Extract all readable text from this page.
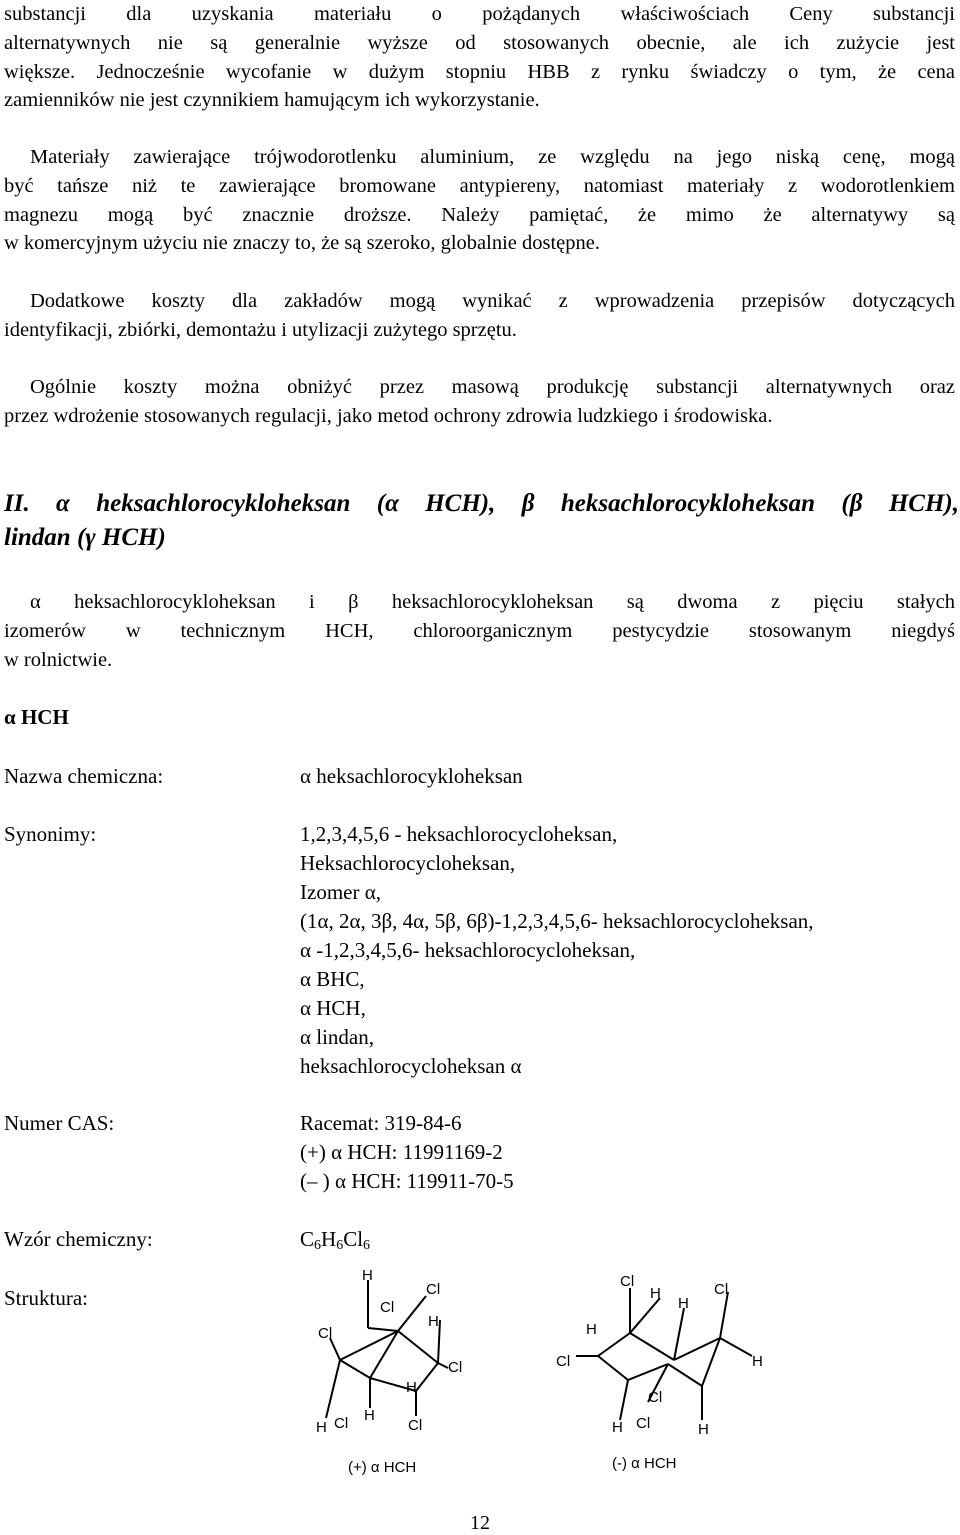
substancji dla uzyskania materiału o pożądanych właściwościach Ceny substancji
alternatywnych nie są generalnie wyższe od stosowanych obecnie, ale ich zużycie jest
większe. Jednocześnie wycofanie w dużym stopniu HBB z rynku świadczy o tym, że cena
zamienników nie jest czynnikiem hamującym ich wykorzystanie.

Materiały zawierające trójwodorotlenku aluminium, ze względu na jego niską cenę, mogą
być tańsze niż te zawierające bromowane antypiereny, natomiast materiały z wodorotlenkiem
magnezu mogą być znacznie droższe. Należy pamiętać, że mimo że alternatywy są
w komercyjnym użyciu nie znaczy to, że są szeroko, globalnie dostępne.

Dodatkowe koszty dla zakładów mogą wynikać z wprowadzenia przepisów dotyczących
identyfikacji, zbiórki, demontażu i utylizacji zużytego sprzętu.

Ogólnie koszty można obniżyć przez masową produkcję substancji alternatywnych oraz
przez wdrożenie stosowanych regulacji, jako metod ochrony zdrowia ludzkiego i środowiska.

II. α heksachlorocykloheksan (α HCH), β heksachlorocykloheksan (β HCH),
lindan (γ HCH)

α heksachlorocykloheksan i β heksachlorocykloheksan są dwoma z pięciu stałych
izomerów w technicznym HCH, chloroorganicznym pestycydzie stosowanym niegdyś
w rolnictwie.

α HCH

Nazwa chemiczna:	α heksachlorocykloheksan
Synonimy:	1,2,3,4,5,6 - heksachlorocycloheksan,
Heksachlorocycloheksan,
Izomer α,
(1α, 2α, 3β, 4α, 5β, 6β)-1,2,3,4,5,6- heksachlorocycloheksan,
α -1,2,3,4,5,6- heksachlorocycloheksan,
α BHC,
α HCH,
α lindan,
heksachlorocycloheksan α
Numer CAS:	Racemat: 319-84-6
(+) α HCH: 11991169-2
(– ) α HCH: 119911-70-5
Wzór chemiczny:	$C_6H_6Cl_6$
Struktura:
H
Cl
Cl
Cl
H
Cl
H
H
Cl
H Cl
(+) α HCH
Cl	Cl
H
H
H
Cl	H
Cl
H Cl	H
(-) α HCH
12
